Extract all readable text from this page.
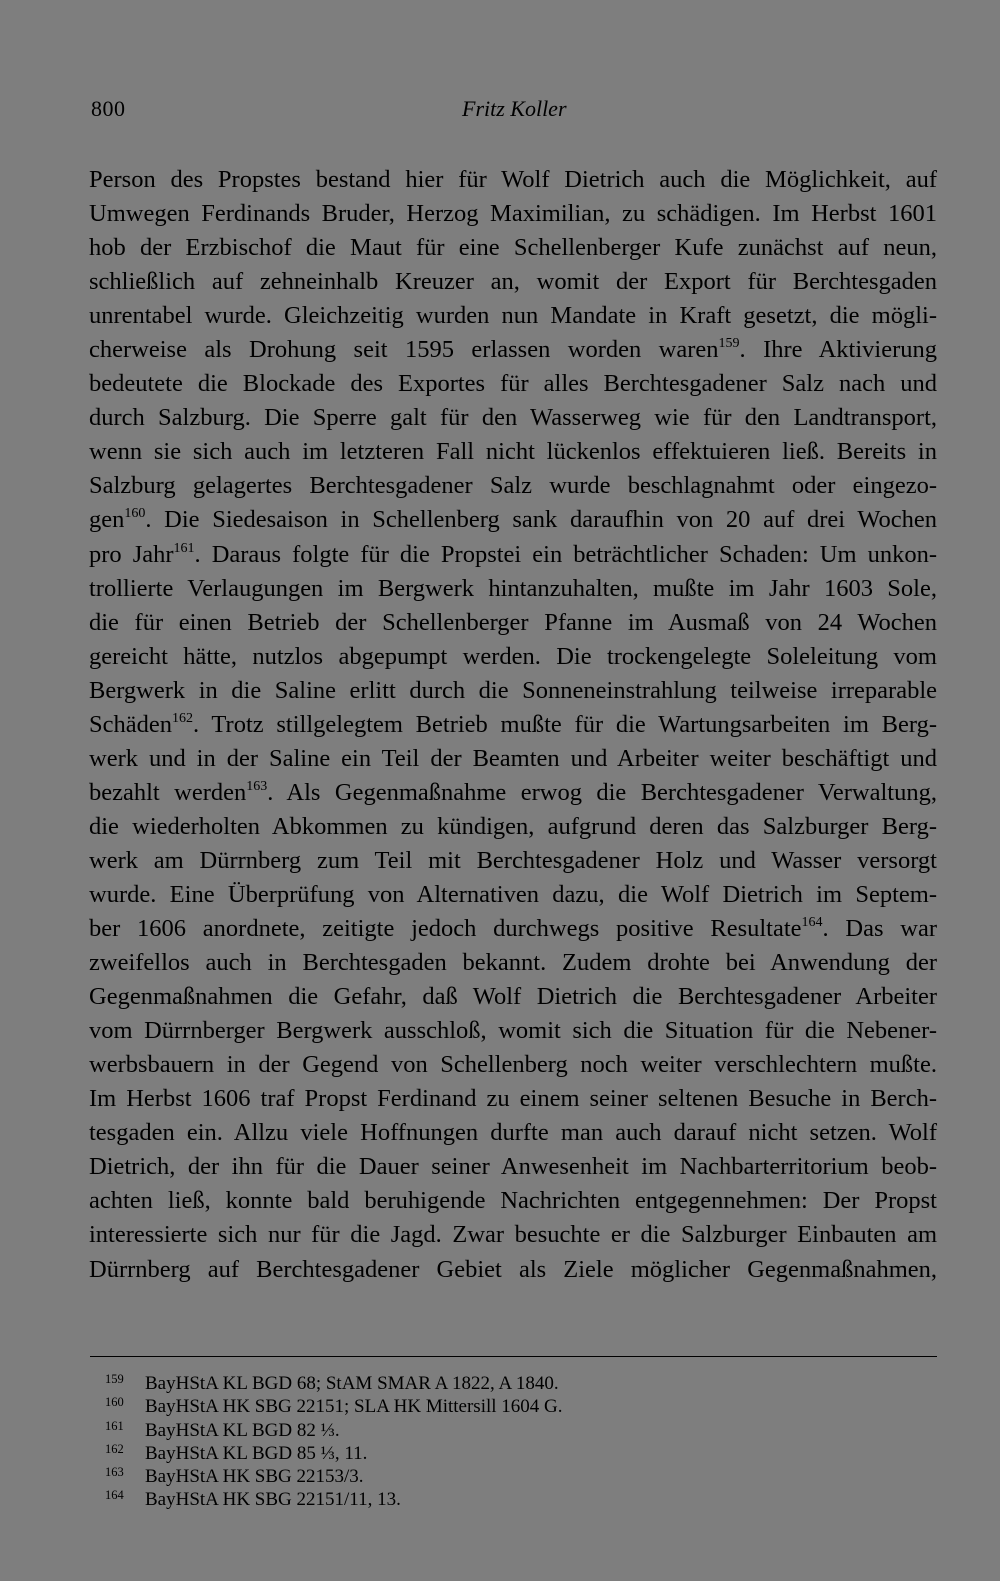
800	Fritz Koller
Person des Propstes bestand hier für Wolf Dietrich auch die Möglichkeit, auf
Umwegen Ferdinands Bruder, Herzog Maximilian, zu schädigen. Im Herbst 1601
hob der Erzbischof die Maut für eine Schellenberger Kufe zunächst auf neun,
schließlich auf zehneinhalb Kreuzer an, womit der Export für Berchtesgaden
unrentabel wurde. Gleichzeitig wurden nun Mandate in Kraft gesetzt, die mögli-
cherweise als Drohung seit 1595 erlassen worden waren$^{159}$. Ihre Aktivierung
bedeutete die Blockade des Exportes für alles Berchtesgadener Salz nach und
durch Salzburg. Die Sperre galt für den Wasserweg wie für den Landtransport,
wenn sie sich auch im letzteren Fall nicht lückenlos effektuieren ließ. Bereits in
Salzburg gelagertes Berchtesgadener Salz wurde beschlagnahmt oder eingezo-
gen$^{160}$. Die Siedesaison in Schellenberg sank daraufhin von 20 auf drei Wochen
pro Jahr$^{161}$. Daraus folgte für die Propstei ein beträchtlicher Schaden: Um unkon-
trollierte Verlaugungen im Bergwerk hintanzuhalten, mußte im Jahr 1603 Sole,
die für einen Betrieb der Schellenberger Pfanne im Ausmaß von 24 Wochen
gereicht hätte, nutzlos abgepumpt werden. Die trockengelegte Soleleitung vom
Bergwerk in die Saline erlitt durch die Sonneneinstrahlung teilweise irreparable
Schäden$^{162}$. Trotz stillgelegtem Betrieb mußte für die Wartungsarbeiten im Berg-
werk und in der Saline ein Teil der Beamten und Arbeiter weiter beschäftigt und
bezahlt werden$^{163}$. Als Gegenmaßnahme erwog die Berchtesgadener Verwaltung,
die wiederholten Abkommen zu kündigen, aufgrund deren das Salzburger Berg-
werk am Dürrnberg zum Teil mit Berchtesgadener Holz und Wasser versorgt
wurde. Eine Überprüfung von Alternativen dazu, die Wolf Dietrich im Septem-
ber 1606 anordnete, zeitigte jedoch durchwegs positive Resultate$^{164}$. Das war
zweifellos auch in Berchtesgaden bekannt. Zudem drohte bei Anwendung der
Gegenmaßnahmen die Gefahr, daß Wolf Dietrich die Berchtesgadener Arbeiter
vom Dürrnberger Bergwerk ausschloß, womit sich die Situation für die Nebener-
werbsbauern in der Gegend von Schellenberg noch weiter verschlechtern mußte.
Im Herbst 1606 traf Propst Ferdinand zu einem seiner seltenen Besuche in Berch-
tesgaden ein. Allzu viele Hoffnungen durfte man auch darauf nicht setzen. Wolf
Dietrich, der ihn für die Dauer seiner Anwesenheit im Nachbarterritorium beob-
achten ließ, konnte bald beruhigende Nachrichten entgegennehmen: Der Propst
interessierte sich nur für die Jagd. Zwar besuchte er die Salzburger Einbauten am
Dürrnberg auf Berchtesgadener Gebiet als Ziele möglicher Gegenmaßnahmen,
159 BayHStA KL BGD 68; StAM SMAR A 1822, A 1840.
160 BayHStA HK SBG 22151; SLA HK Mittersill 1604 G.
161 BayHStA KL BGD 82 ⅓.
162 BayHStA KL BGD 85 ⅓, 11.
163 BayHStA HK SBG 22153/3.
164 BayHStA HK SBG 22151/11, 13.
